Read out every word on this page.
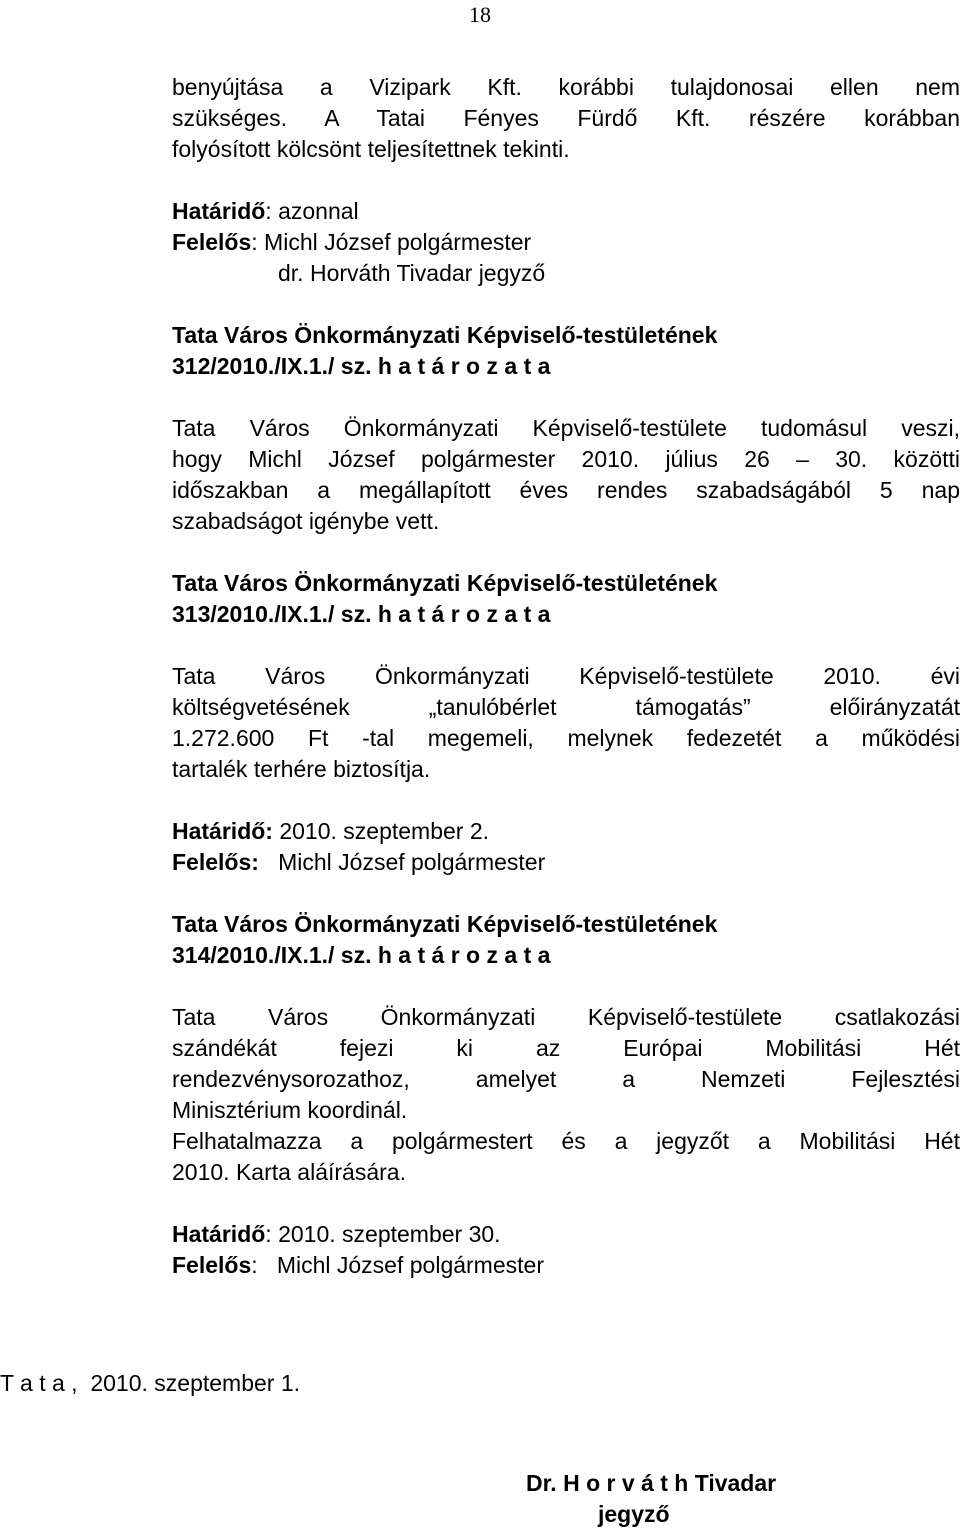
18

benyújtása a Vizipark Kft. korábbi tulajdonosai ellen nem

szükséges. A Tatai Fényes Fürdő Kft. részére korábban

folyósított kölcsönt teljesítettnek tekinti.

Határidő: azonnal

Felelős: Michl József polgármester

dr. Horváth Tivadar jegyző

Tata Város Önkormányzati Képviselő-testületének

312/2010./IX.1./ sz. h a t á r o z a t a

Tata Város Önkormányzati Képviselő-testülete tudomásul veszi,

hogy Michl József polgármester 2010. július 26 – 30. közötti

időszakban a megállapított éves rendes szabadságából 5 nap

szabadságot igénybe vett.

Tata Város Önkormányzati Képviselő-testületének

313/2010./IX.1./ sz. h a t á r o z a t a

Tata Város Önkormányzati Képviselő-testülete 2010. évi

költségvetésének „tanulóbérlet támogatás” előirányzatát

1.272.600 Ft -tal megemeli, melynek fedezetét a működési

tartalék terhére biztosítja.

Határidő: 2010. szeptember 2.

Felelős:   Michl József polgármester

Tata Város Önkormányzati Képviselő-testületének

314/2010./IX.1./ sz. h a t á r o z a t a

Tata Város Önkormányzati Képviselő-testülete csatlakozási

szándékát fejezi ki az Európai Mobilitási Hét

rendezvénysorozathoz, amelyet a Nemzeti Fejlesztési

Minisztérium koordinál.

Felhatalmazza a polgármestert és a jegyzőt a Mobilitási Hét

2010. Karta aláírására.

Határidő: 2010. szeptember 30.

Felelős:   Michl József polgármester

T a t a ,  2010. szeptember 1.
Dr. H o r v á t h Tivadar
jegyző
